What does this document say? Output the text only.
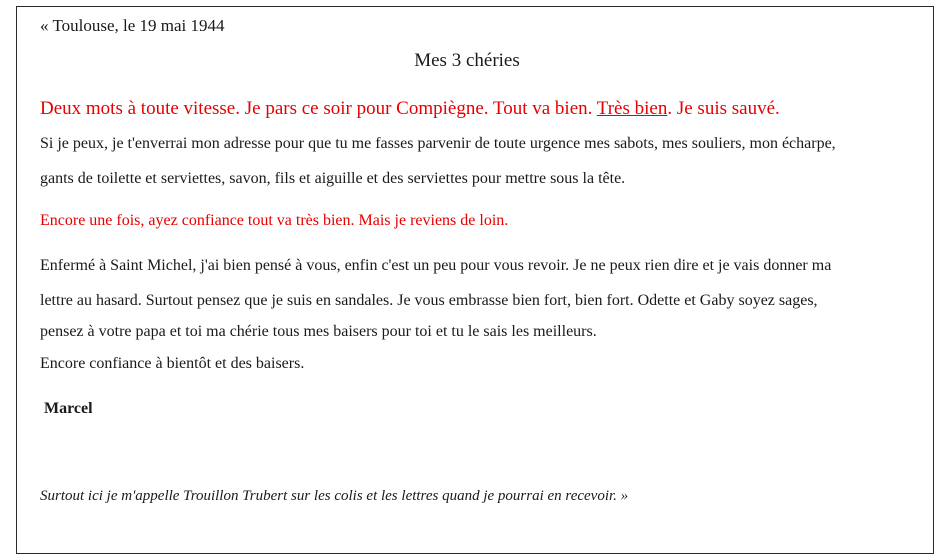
« Toulouse, le 19 mai 1944

Mes 3 chéries

Deux mots à toute vitesse. Je pars ce soir pour Compiègne. Tout va bien. Très bien. Je suis sauvé.

Si je peux, je t'enverrai mon adresse pour que tu me fasses parvenir de toute urgence mes sabots, mes souliers, mon écharpe,

gants de toilette et serviettes, savon, fils et aiguille et des serviettes pour mettre sous la tête.

Encore une fois, ayez confiance tout va très bien. Mais je reviens de loin.

Enfermé à Saint Michel, j'ai bien pensé à vous, enfin c'est un peu pour vous revoir. Je ne peux rien dire et je vais donner ma

lettre au hasard. Surtout pensez que je suis en sandales. Je vous embrasse bien fort, bien fort. Odette et Gaby soyez sages,

pensez à votre papa et toi ma chérie tous mes baisers pour toi et tu le sais les meilleurs.

Encore confiance à bientôt et des baisers.

Marcel

Surtout ici je m'appelle Trouillon Trubert sur les colis et les lettres quand je pourrai en recevoir. »
